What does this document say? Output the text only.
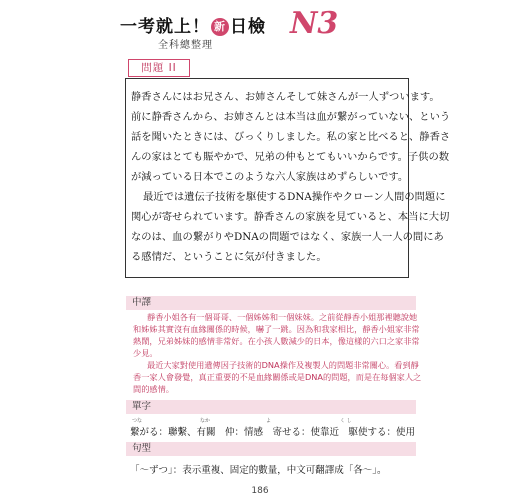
一考就上！ 新 日檢 N3
全科總整理
問題 II
静香さんにはお兄さん、お姉さんそして妹さんが一人ずついます。
前に静香さんから、お姉さんとは本当は血が繋がっていない、という
話を聞いたときには、びっくりしました。私の家と比べると、静香さ
んの家はとても賑やかで、兄弟の仲もとてもいいからです。子供の数
が減っている日本でこのような六人家族はめずらしいです。
最近では遺伝子技術を駆使するDNA操作やクローン人間の問題に
関心が寄せられています。静香さんの家族を見ていると、本当に大切
なのは、血の繋がりやDNAの問題ではなく、家族一人一人の間にあ
る感情だ、ということに気が付きました。
中譯
單字
つな	なか	よ	く し
繋がる：聯繫、有關　仲：情感　寄せる：使靠近　駆使する：使用
句型
間的感情。
「～ずつ」：表示重複、固定的數量，中文可翻譯成「各～」。
186
靜香小姐各有一個哥哥、一個姊姊和一個妹妹。之前從靜香小姐那裡聽說她
和姊姊其實沒有血緣關係的時候，嚇了一跳。因為和我家相比，靜香小姐家非常
熱鬧，兄弟姊妹的感情非常好。在小孩人數減少的日本，像這樣的六口之家非常
少見。
最近大家對使用遺傳因子技術的DNA操作及複製人的問題非常關心。看到靜
香一家人會發覺，真正重要的不是血緣關係或是DNA的問題，而是在每個家人之
